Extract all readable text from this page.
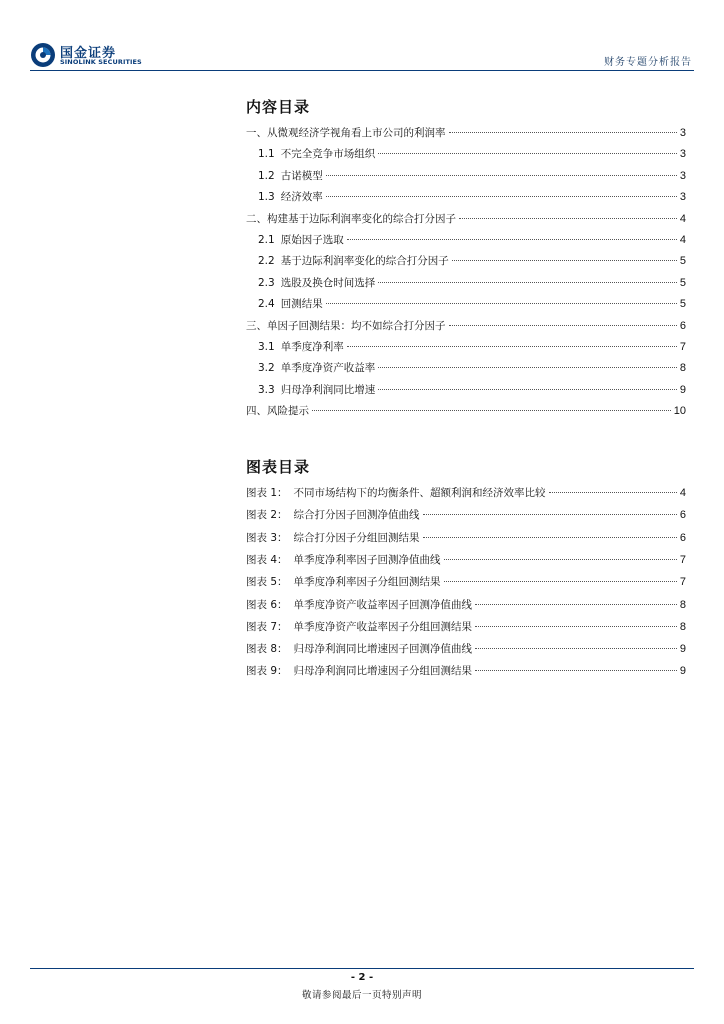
国金证券
SINOLINK SECURITIES	财务专题分析报告
内容目录
一、从微观经济学视角看上市公司的利润率	3
1.1 不完全竞争市场组织	3
1.2 古诺模型	3
1.3 经济效率	3
二、构建基于边际利润率变化的综合打分因子	4
2.1 原始因子选取	4
2.2 基于边际利润率变化的综合打分因子	5
2.3 选股及换仓时间选择	5
2.4 回测结果	5
三、单因子回测结果：均不如综合打分因子	6
3.1 单季度净利率	7
3.2 单季度净资产收益率	8
3.3 归母净利润同比增速	9
四、风险提示	10
图表目录
图表 1： 不同市场结构下的均衡条件、超额利润和经济效率比较	4
图表 2： 综合打分因子回测净值曲线	6
图表 3： 综合打分因子分组回测结果	6
图表 4： 单季度净利率因子回测净值曲线	7
图表 5： 单季度净利率因子分组回测结果	7
图表 6： 单季度净资产收益率因子回测净值曲线	8
图表 7： 单季度净资产收益率因子分组回测结果	8
图表 8： 归母净利润同比增速因子回测净值曲线	9
图表 9： 归母净利润同比增速因子分组回测结果	9
- 2 -
敬请参阅最后一页特别声明
